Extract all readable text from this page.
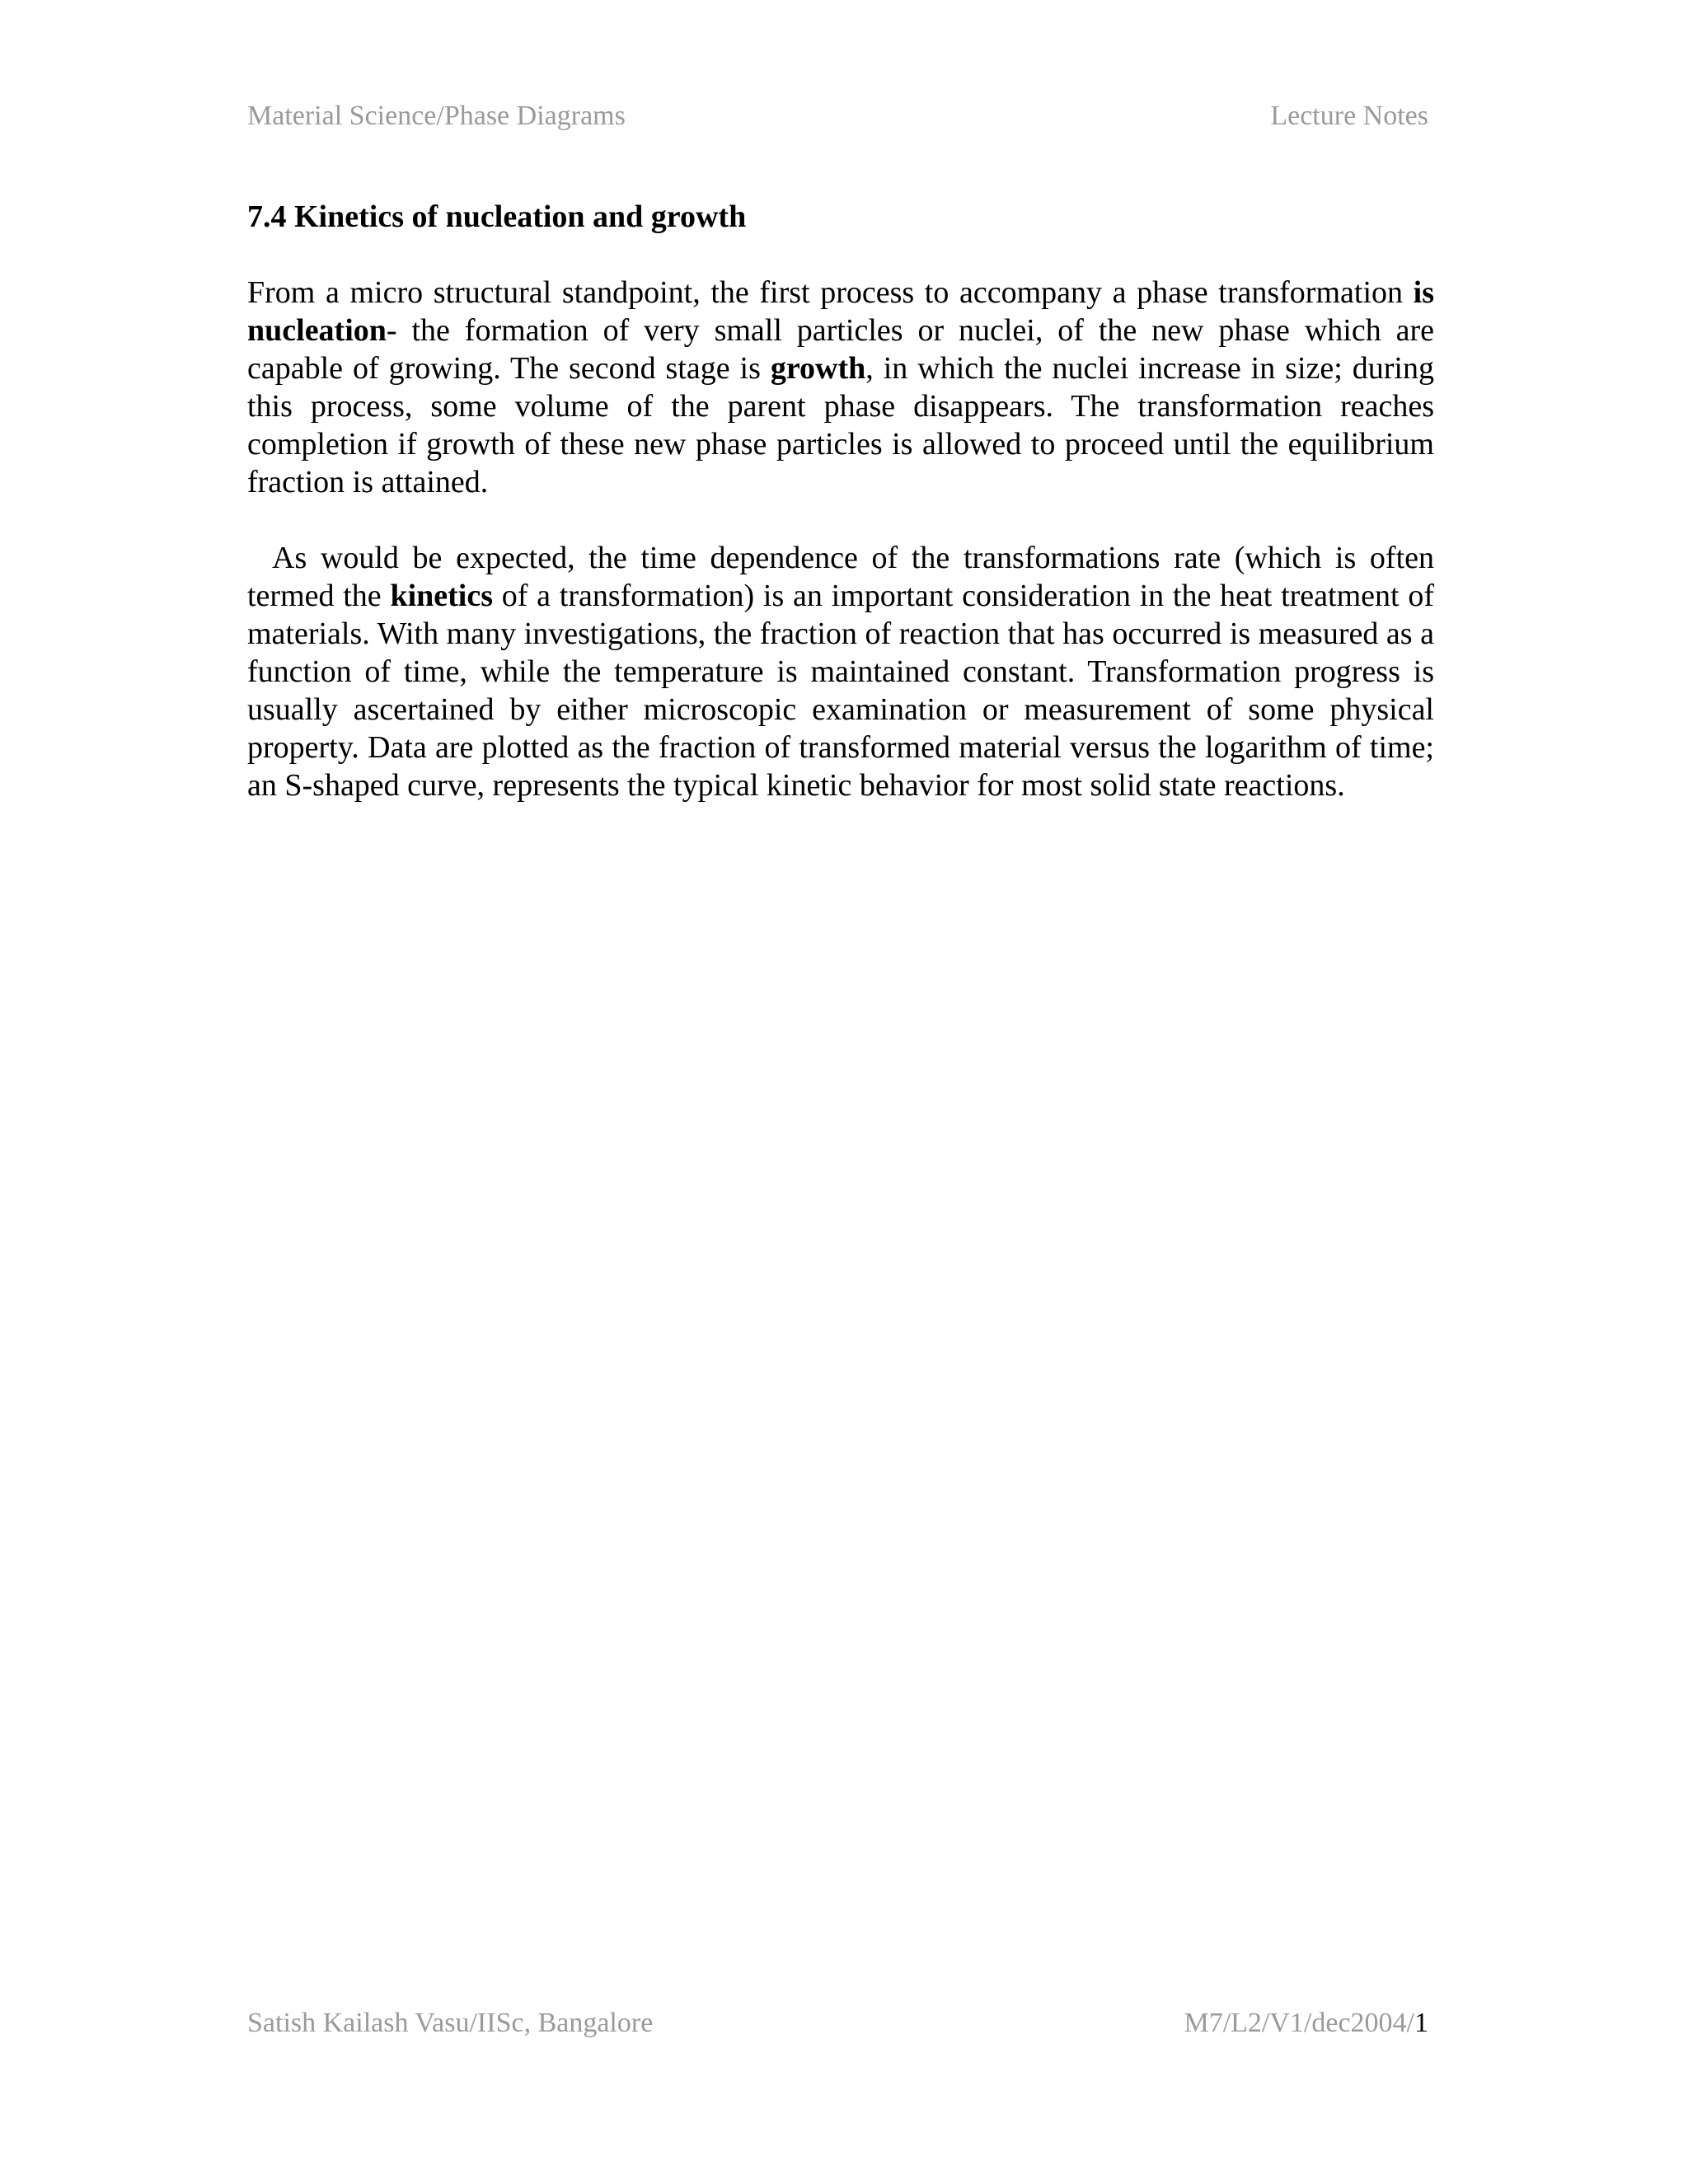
Material Science/Phase Diagrams	Lecture Notes
7.4 Kinetics of nucleation and growth

From a micro structural standpoint, the first process to accompany a phase transformation is nucleation- the formation of very small particles or nuclei, of the new phase which are capable of growing. The second stage is growth, in which the nuclei increase in size; during this process, some volume of the parent phase disappears. The transformation reaches completion if growth of these new phase particles is allowed to proceed until the equilibrium fraction is attained.

As would be expected, the time dependence of the transformations rate (which is often termed the kinetics of a transformation) is an important consideration in the heat treatment of materials. With many investigations, the fraction of reaction that has occurred is measured as a function of time, while the temperature is maintained constant. Transformation progress is usually ascertained by either microscopic examination or measurement of some physical property. Data are plotted as the fraction of transformed material versus the logarithm of time; an S-shaped curve, represents the typical kinetic behavior for most solid state reactions.

Satish Kailash Vasu/IISc, Bangalore	M7/L2/V1/dec2004/1
